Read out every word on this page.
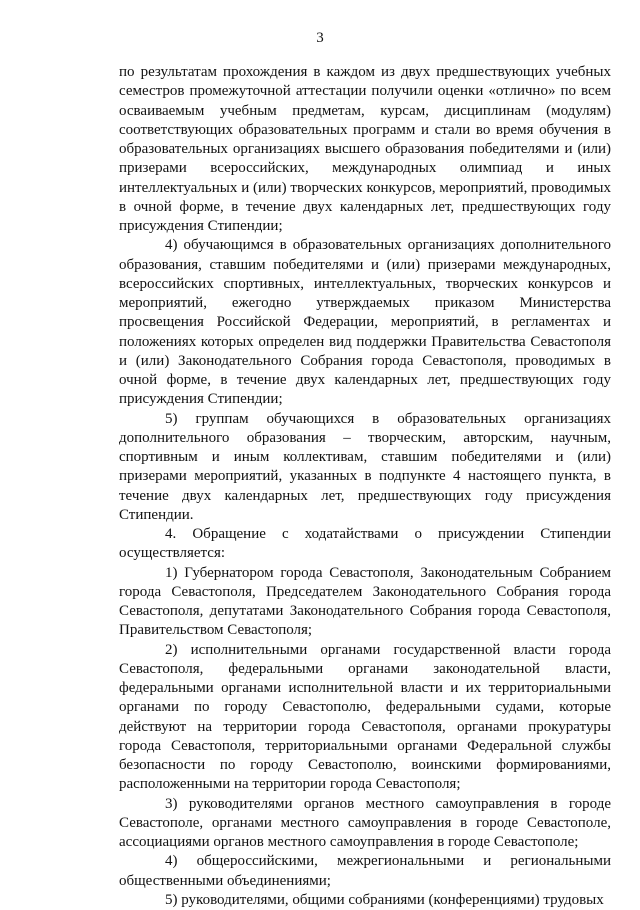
3

по результатам прохождения в каждом из двух предшествующих учебных семестров промежуточной аттестации получили оценки «отлично» по всем осваиваемым учебным предметам, курсам, дисциплинам (модулям) соответствующих образовательных программ и стали во время обучения в образовательных организациях высшего образования победителями и (или) призерами всероссийских, международных олимпиад и иных интеллектуальных и (или) творческих конкурсов, мероприятий, проводимых в очной форме, в течение двух календарных лет, предшествующих году присуждения Стипендии;

4) обучающимся в образовательных организациях дополнительного образования, ставшим победителями и (или) призерами международных, всероссийских спортивных, интеллектуальных, творческих конкурсов и мероприятий, ежегодно утверждаемых приказом Министерства просвещения Российской Федерации, мероприятий, в регламентах и положениях которых определен вид поддержки Правительства Севастополя и (или) Законодательного Собрания города Севастополя, проводимых в очной форме, в течение двух календарных лет, предшествующих году присуждения Стипендии;

5) группам обучающихся в образовательных организациях дополнительного образования – творческим, авторским, научным, спортивным и иным коллективам, ставшим победителями и (или) призерами мероприятий, указанных в подпункте 4 настоящего пункта, в течение двух календарных лет, предшествующих году присуждения Стипендии.

4. Обращение с ходатайствами о присуждении Стипендии осуществляется:

1) Губернатором города Севастополя, Законодательным Собранием города Севастополя, Председателем Законодательного Собрания города Севастополя, депутатами Законодательного Собрания города Севастополя, Правительством Севастополя;

2) исполнительными органами государственной власти города Севастополя, федеральными органами законодательной власти, федеральными органами исполнительной власти и их территориальными органами по городу Севастополю, федеральными судами, которые действуют на территории города Севастополя, органами прокуратуры города Севастополя, территориальными органами Федеральной службы безопасности по городу Севастополю, воинскими формированиями, расположенными на территории города Севастополя;

3) руководителями органов местного самоуправления в городе Севастополе, органами местного самоуправления в городе Севастополе, ассоциациями органов местного самоуправления в городе Севастополе;

4) общероссийскими, межрегиональными и региональными общественными объединениями;

5) руководителями, общими собраниями (конференциями) трудовых
